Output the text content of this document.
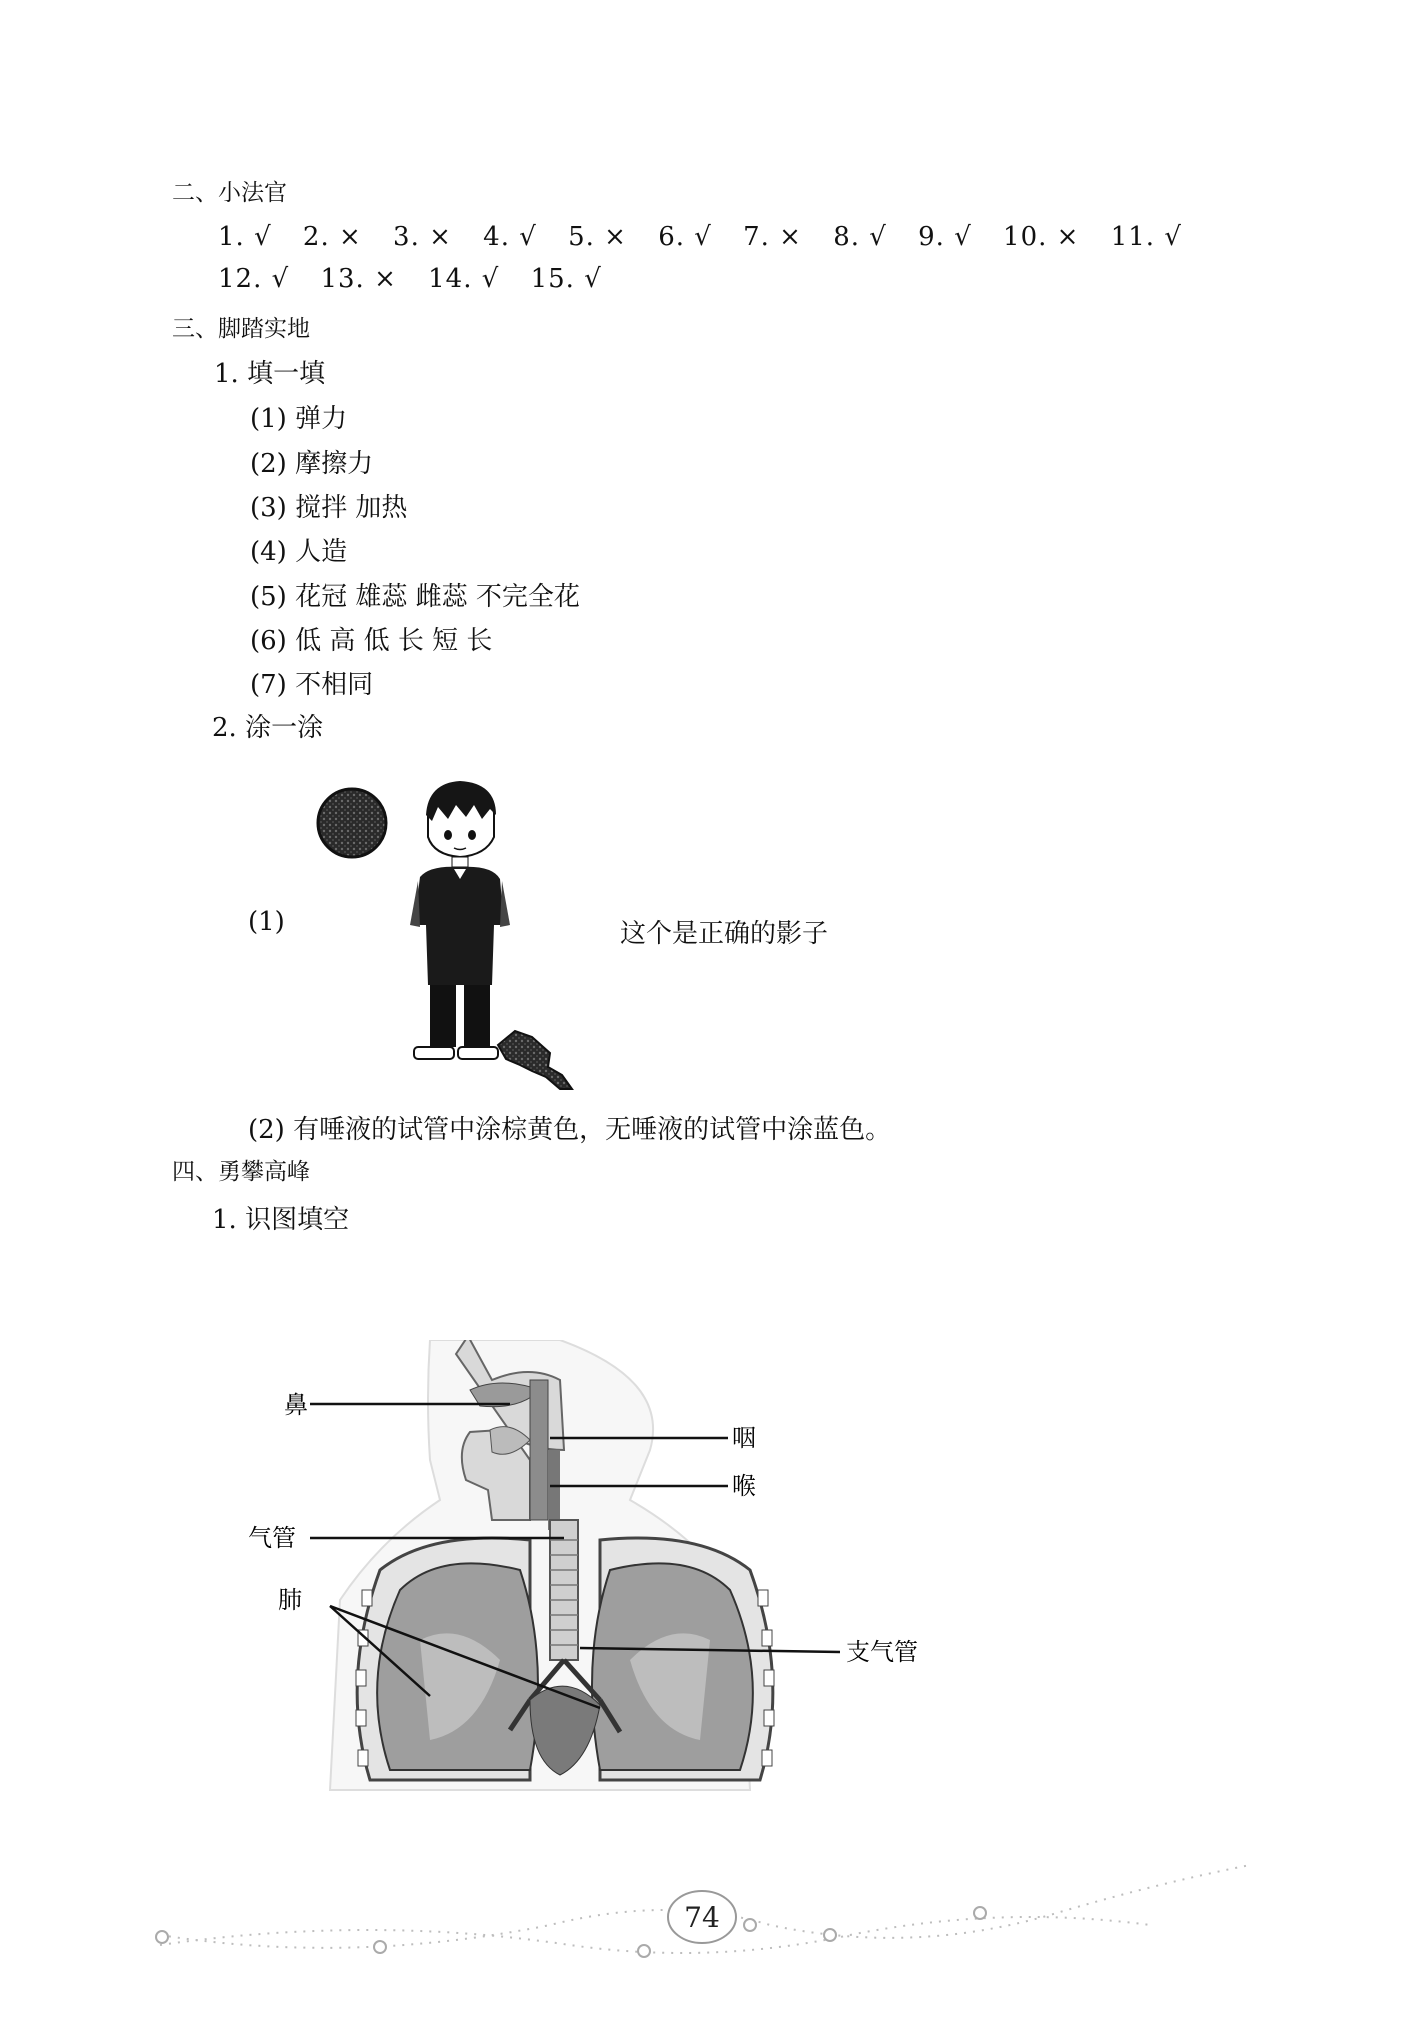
二、小法官
1. √ 2. × 3. × 4. √ 5. × 6. √ 7. × 8. √ 9. √ 10. × 11. √
12. √ 13. × 14. √ 15. √
三、脚踏实地
1. 填一填
(1) 弹力
(2) 摩擦力
(3) 搅拌 加热
(4) 人造
(5) 花冠 雄蕊 雌蕊 不完全花
(6) 低 高 低 长 短 长
(7) 不相同
2. 涂一涂
(1)	这个是正确的影子
(2) 有唾液的试管中涂棕黄色，无唾液的试管中涂蓝色。
四、勇攀高峰
1. 识图填空
鼻
咽
喉
气管
肺
支气管
74
